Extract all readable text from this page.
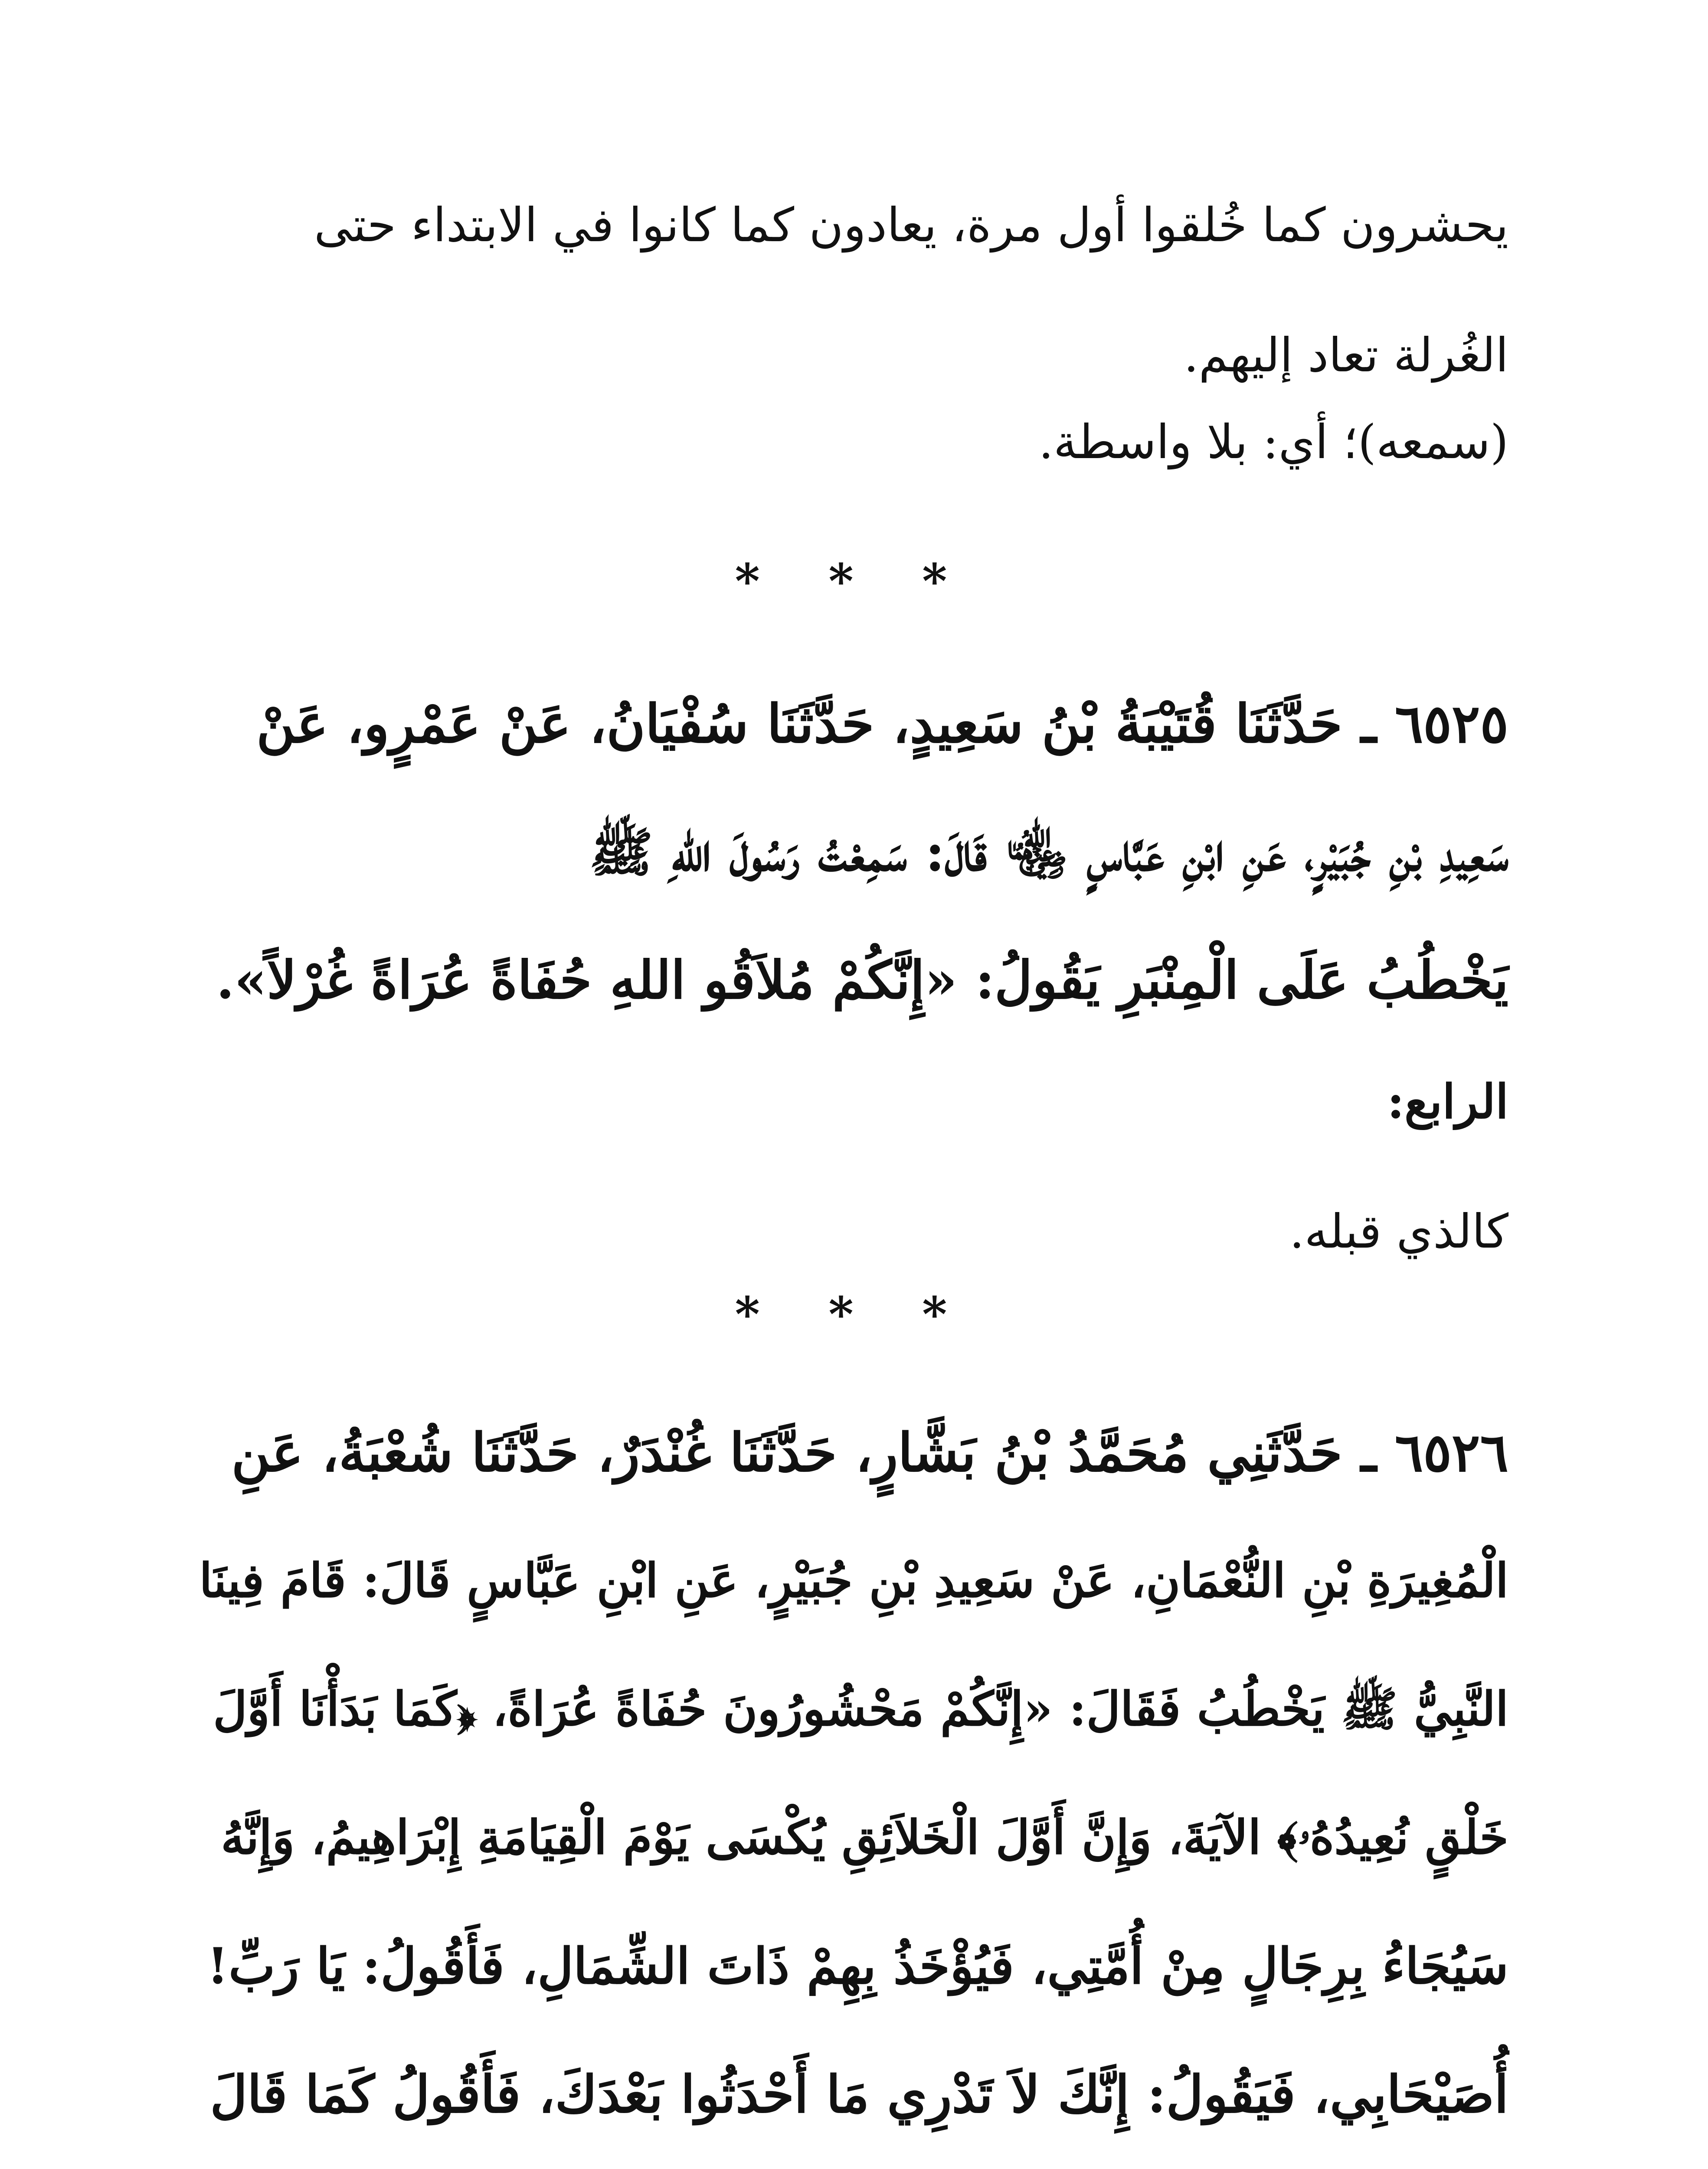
يحشرون كما خُلقوا أول مرة، يعادون كما كانوا في الابتداء حتى
الغُرلة تعاد إليهم.
(سمعه)؛ أي: بلا واسطة.
* * *
٦٥٢٥ ـ حَدَّثَنَا قُتَيْبَةُ بْنُ سَعِيدٍ، حَدَّثَنَا سُفْيَانُ، عَنْ عَمْرٍو، عَنْ
سَعِيدِ بْنِ جُبَيْرٍ، عَنِ ابْنِ عَبَّاسٍ ﵄ قَالَ: سَمِعْتُ رَسُولَ اللهِ ﷺ
يَخْطُبُ عَلَى الْمِنْبَرِ يَقُولُ: «إِنَّكُمْ مُلاَقُو اللهِ حُفَاةً عُرَاةً غُرْلاً».
الرابع:
كالذي قبله.
* * *
٦٥٢٦ ـ حَدَّثَنِي مُحَمَّدُ بْنُ بَشَّارٍ، حَدَّثَنَا غُنْدَرٌ، حَدَّثَنَا شُعْبَةُ، عَنِ
الْمُغِيرَةِ بْنِ النُّعْمَانِ، عَنْ سَعِيدِ بْنِ جُبَيْرٍ، عَنِ ابْنِ عَبَّاسٍ قَالَ: قَامَ فِينَا
النَّبِيُّ ﷺ يَخْطُبُ فَقَالَ: «إِنَّكُمْ مَحْشُورُونَ حُفَاةً عُرَاةً، ﴿كَمَا بَدَأْنَا أَوَّلَ
خَلْقٍ نُعِيدُهُۥ﴾ الآيَةَ، وَإِنَّ أَوَّلَ الْخَلاَئِقِ يُكْسَى يَوْمَ الْقِيَامَةِ إِبْرَاهِيمُ، وَإِنَّهُ
سَيُجَاءُ بِرِجَالٍ مِنْ أُمَّتِي، فَيُؤْخَذُ بِهِمْ ذَاتَ الشِّمَالِ، فَأَقُولُ: يَا رَبِّ!
أُصَيْحَابِي، فَيَقُولُ: إِنَّكَ لاَ تَدْرِي مَا أَحْدَثُوا بَعْدَكَ، فَأَقُولُ كَمَا قَالَ
